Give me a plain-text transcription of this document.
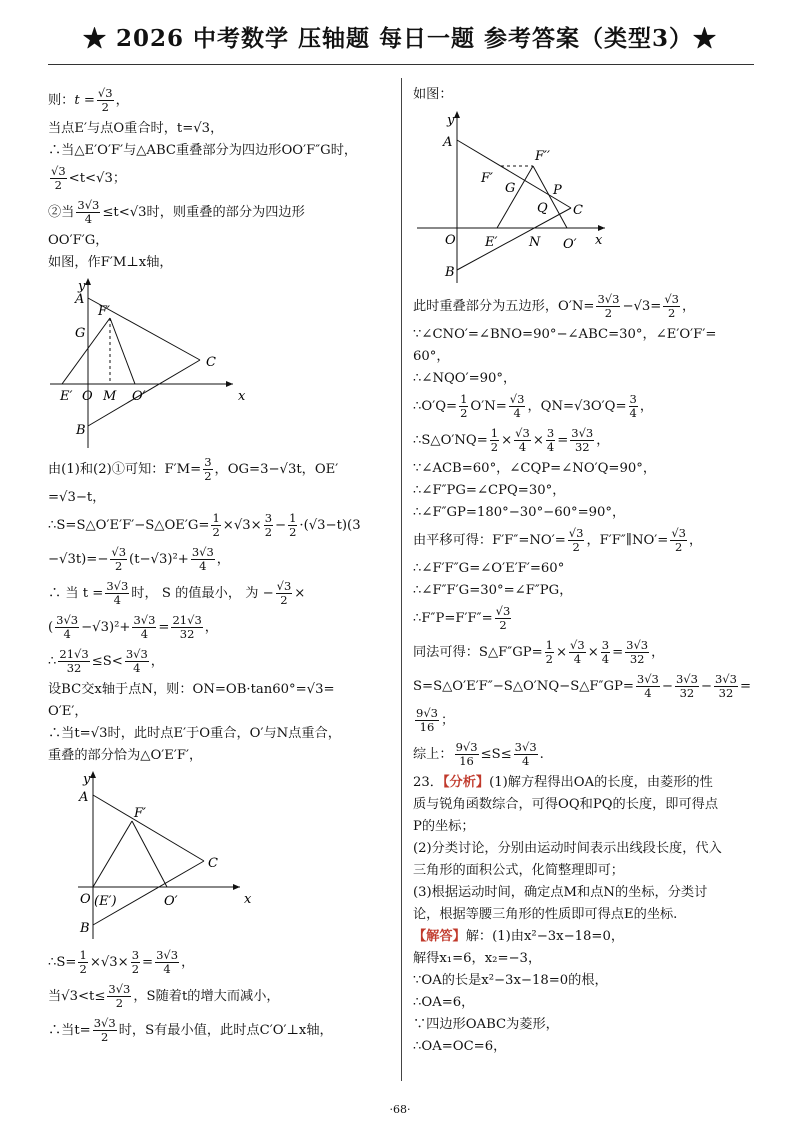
★ 2026 中考数学 压轴题 每日一题 参考答案（类型3）★
则：$t = \frac{√3}{2}$ ，
当点E′与点O重合时，t=√3，
∴当△E′O′F′与△ABC重叠部分为四边形OO′F″G时，
$\frac{√3}{2} <t<√3$；
②当 $\frac{3√3}{4} \le t<√3$时，则重叠的部分为四边形
OO′F′G，
如图，作F′M⊥x轴，
y
x
A
F′
G
C
E′ O M O′
B
由(1)和(2)①可知：$F'M= \frac{3}{2}$ ，OG=3−√3t，OE′
=√3−t，
∴S=S△O′E′F′−S△OE′G= $\frac{1}{2} \times√3\times \frac{3}{2} - \frac{1}{2} \cdot(√3-t)(3$
$-√3t)=- \frac{√3}{2} (t-√3)^2+ \frac{3√3}{4}$ ，
∴ 当 $t = \frac{3√3}{4}$ 时， S 的值最小， 为 − $\frac{√3}{2}$ ×
( $\frac{3√3}{4} -√3)^2+ \frac{3√3}{4} = \frac{21√3}{32}$ ，
∴ $\frac{21√3}{32} \le S< \frac{3√3}{4}$ ，
设BC交x轴于点N，则：ON=OB·tan60°=√3=
O′E′，
∴当t=√3时，此时点E′于O重合，O′与N点重合，
重叠的部分恰为△O′E′F′，
y
x
A
F′
C
O (E′)	O′
B
∴S= $\frac{1}{2} \times√3\times \frac{3}{2} = \frac{3√3}{4}$ ，
当$√3<t\le \frac{3√3}{2}$ ，S随着t的增大而减小，
∴当$t= \frac{3√3}{2}$ 时，S有最小值，此时点C′O′⊥x轴，
如图：
y
x
A
F′′
F′
G	P
Q C
O E′ N O′
B
此时重叠部分为五边形，$O'N= \frac{3√3}{2} -√3= \frac{√3}{2}$ ，
∵∠CNO′=∠BNO=90°−∠ABC=30°，∠E′O′F′=
60°，
∴∠NQO′=90°，
∴O′Q= $\frac{1}{2} O'N= \frac{√3}{4}$ ，$QN=√3O'Q= \frac{3}{4}$ ，
∴S△O′NQ= $\frac{1}{2} \times \frac{√3}{4} \times \frac{3}{4} = \frac{3√3}{32}$ ，
∵∠ACB=60°，∠CQP=∠NO′Q=90°，
∴∠F″PG=∠CPQ=30°，
∴∠F″GP=180°−30°−60°=90°，
由平移可得：$F'F''=NO'= \frac{√3}{2}$ ，F′F″∥NO′= $\frac{√3}{2}$ ，
∴∠F′F″G=∠O′E′F′=60°
∴∠F″F′G=30°=∠F″PG，
∴F″P=F′F″= $\frac{√3}{2}$
同法可得：S△F″GP= $\frac{1}{2} \times \frac{√3}{4} \times \frac{3}{4} = \frac{3√3}{32}$ ，
S=S△O′E′F″−S△O′NQ−S△F″GP= $\frac{3√3}{4} - \frac{3√3}{32} - \frac{3√3}{32}$ =
$\frac{9√3}{16}$ ；
综上： $\frac{9√3}{16} \le S\le \frac{3√3}{4}$ .
23．【分析】(1)解方程得出OA的长度，由菱形的性
质与锐角函数综合，可得OQ和PQ的长度，即可得点
P的坐标；
(2)分类讨论，分别由运动时间表示出线段长度，代入
三角形的面积公式，化简整理即可；
(3)根据运动时间，确定点M和点N的坐标，分类讨
论，根据等腰三角形的性质即可得点E的坐标.
【解答】解：(1)由x²−3x−18=0，
解得x₁=6，x₂=−3，
∵OA的长是x²−3x−18=0的根，
∴OA=6，
∵四边形OABC为菱形，
∴OA=OC=6，
·68·
